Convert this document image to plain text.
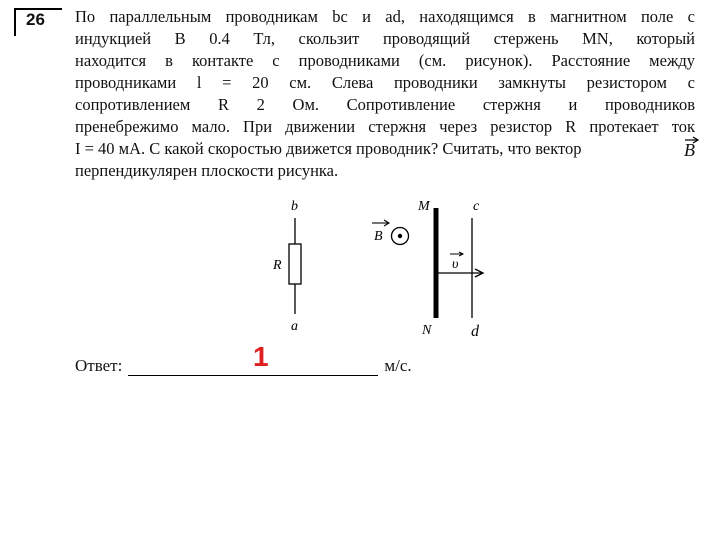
26 По параллельным проводникам bc и ad, находящимся в магнитном поле с
индукцией B 0.4 Тл, скользит проводящий стержень MN, который
находится в контакте с проводниками (см. рисунок). Расстояние между
проводниками l = 20 см. Слева проводники замкнуты резистором с
сопротивлением R 2 Ом. Сопротивление стержня и проводников
пренебрежимо мало. При движении стержня через резистор R протекает ток
I = 40 мА. С какой скоростью движется проводник? Считать, что вектор
перпендикулярен плоскости рисунка.
B
b
R
a
B
M
N
υ
c
d
Ответ:	м/с.
1
